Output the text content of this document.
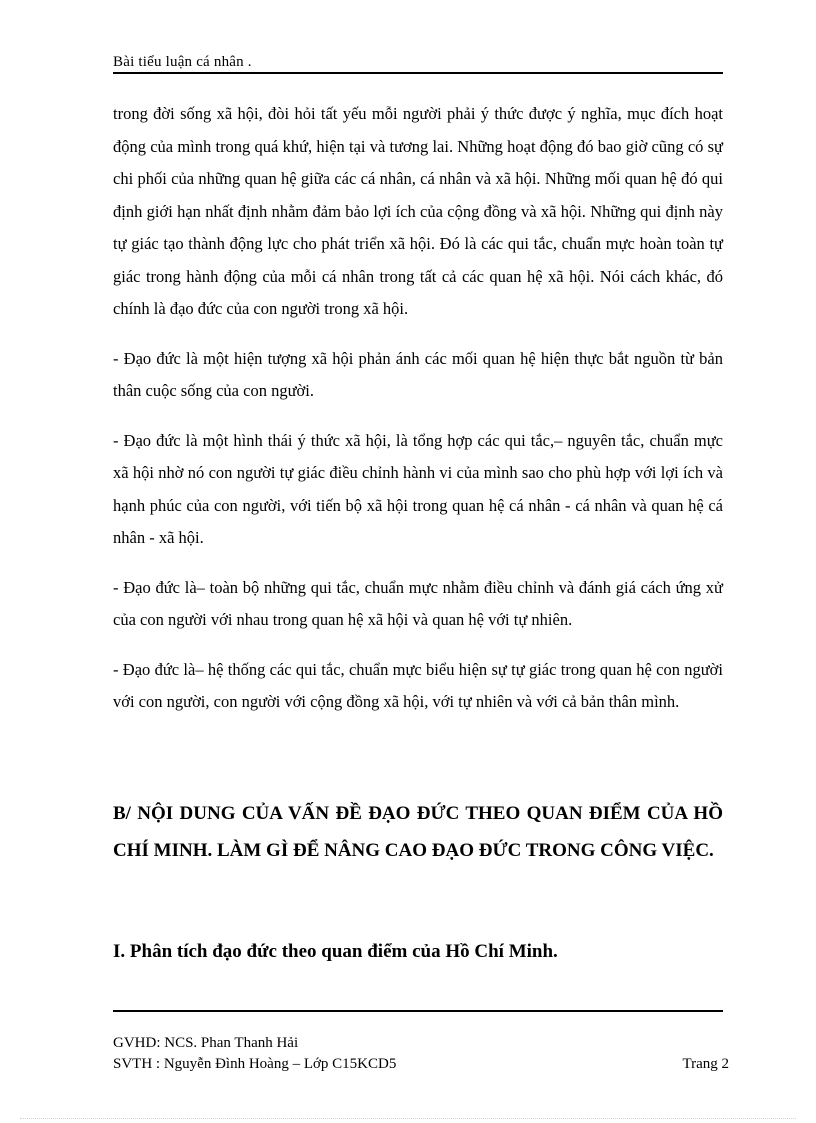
Bài tiểu luận cá nhân .

trong đời sống xã hội, đòi hỏi tất yếu mỗi người phải ý thức được ý nghĩa, mục đích hoạt động của mình trong quá khứ, hiện tại và tương lai. Những hoạt động đó bao giờ cũng có sự chi phối của những quan hệ giữa các cá nhân, cá nhân và xã hội. Những mối quan hệ đó qui định giới hạn nhất định nhằm đảm bảo lợi ích của cộng đồng và xã hội. Những qui định này tự giác tạo thành động lực cho phát triển xã hội. Đó là các qui tắc, chuẩn mực hoàn toàn tự giác trong hành động của mỗi cá nhân trong tất cả các quan hệ xã hội. Nói cách khác, đó chính là đạo đức của con người trong xã hội.

- Đạo đức là một hiện tượng xã hội phản ánh các mối quan hệ hiện thực bắt nguồn từ bản thân cuộc sống của con người.

- Đạo đức là một hình thái ý thức xã hội, là tổng hợp các qui tắc,– nguyên tắc, chuẩn mực xã hội nhờ nó con người tự giác điều chỉnh hành vi của mình sao cho phù hợp với lợi ích và hạnh phúc của con người, với tiến bộ xã hội trong quan hệ cá nhân - cá nhân và quan hệ cá nhân - xã hội.

- Đạo đức là– toàn bộ những qui tắc, chuẩn mực nhằm điều chỉnh và đánh giá cách ứng xử của con người với nhau trong quan hệ xã hội và quan hệ với tự nhiên.

- Đạo đức là– hệ thống các qui tắc, chuẩn mực biểu hiện sự tự giác trong quan hệ con người với con người, con người với cộng đồng xã hội, với tự nhiên và với cả bản thân mình.

B/ NỘI DUNG CỦA VẤN ĐỀ ĐẠO ĐỨC THEO QUAN ĐIỂM CỦA HỒ CHÍ MINH. LÀM GÌ ĐỂ NÂNG CAO ĐẠO ĐỨC TRONG CÔNG VIỆC.
I. Phân tích đạo đức theo quan điểm của Hồ Chí Minh.
GVHD: NCS. Phan Thanh Hải
SVTH : Nguyễn Đình Hoàng – Lớp C15KCD5	Trang 2
